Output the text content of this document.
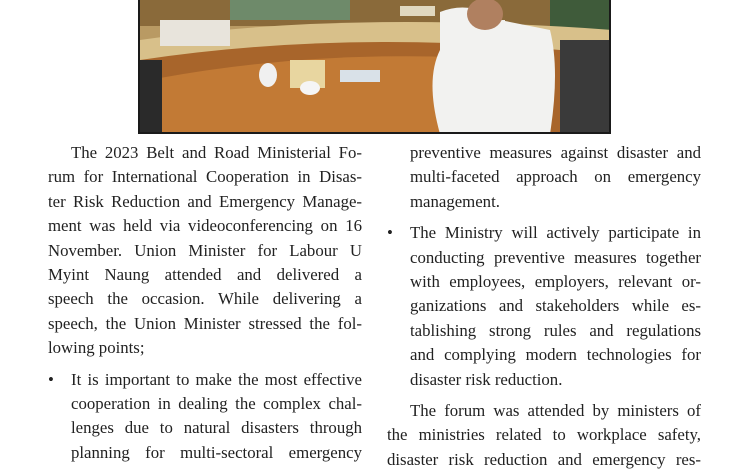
The 2023 Belt and Road Ministerial Fo-

rum for International Cooperation in Disas-

ter Risk Reduction and Emergency Manage-

ment was held via videoconferencing on 16

November. Union Minister for Labour U

Myint Naung attended and delivered a

speech the occasion. While delivering a

speech, the Union Minister stressed the fol-

lowing points;

• It is important to make the most effective

cooperation in dealing the complex chal-

lenges due to natural disasters through

planning for multi-sectoral emergency

preventive measures against disaster and

multi-faceted approach on emergency

management.

• The Ministry will actively participate in

conducting preventive measures together

with employees, employers, relevant or-

ganizations and stakeholders while es-

tablishing strong rules and regulations

and complying modern technologies for

disaster risk reduction.

The forum was attended by ministers of

the ministries related to workplace safety,

disaster risk reduction and emergency res-
